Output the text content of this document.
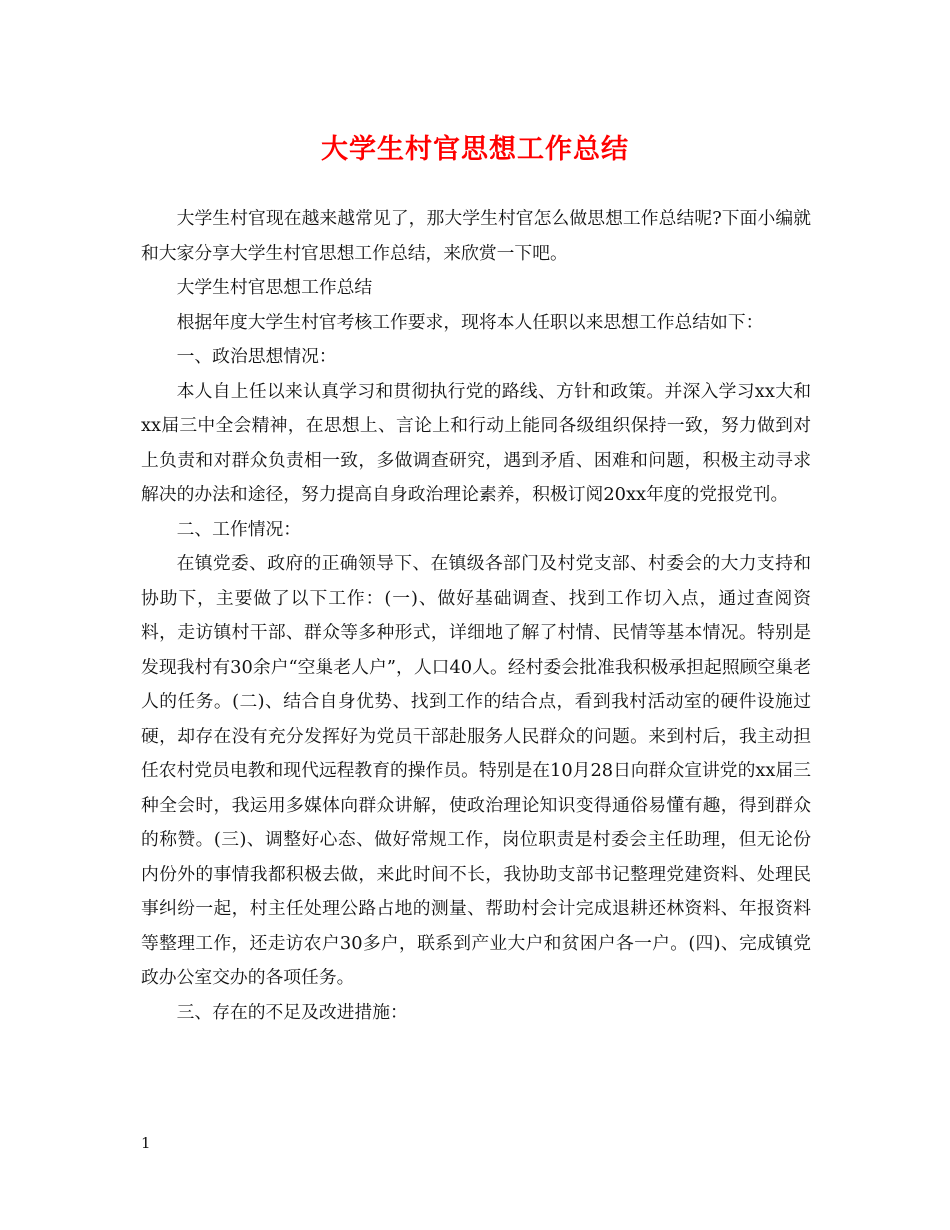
大学生村官思想工作总结

大学生村官现在越来越常见了，那大学生村官怎么做思想工作总结呢?下面小编就和大家分享大学生村官思想工作总结，来欣赏一下吧。

大学生村官思想工作总结

根据年度大学生村官考核工作要求，现将本人任职以来思想工作总结如下：

一、政治思想情况：

本人自上任以来认真学习和贯彻执行党的路线、方针和政策。并深入学习xx大和xx届三中全会精神，在思想上、言论上和行动上能同各级组织保持一致，努力做到对上负责和对群众负责相一致，多做调查研究，遇到矛盾、困难和问题，积极主动寻求解决的办法和途径，努力提高自身政治理论素养，积极订阅20xx年度的党报党刊。

二、工作情况：

在镇党委、政府的正确领导下、在镇级各部门及村党支部、村委会的大力支持和协助下，主要做了以下工作：(一)、做好基础调查、找到工作切入点，通过查阅资料，走访镇村干部、群众等多种形式，详细地了解了村情、民情等基本情况。特别是发现我村有30余户“空巢老人户”，人口40人。经村委会批准我积极承担起照顾空巢老人的任务。(二)、结合自身优势、找到工作的结合点，看到我村活动室的硬件设施过硬，却存在没有充分发挥好为党员干部赴服务人民群众的问题。来到村后，我主动担任农村党员电教和现代远程教育的操作员。特别是在10月28日向群众宣讲党的xx届三种全会时，我运用多媒体向群众讲解，使政治理论知识变得通俗易懂有趣，得到群众的称赞。(三)、调整好心态、做好常规工作，岗位职责是村委会主任助理，但无论份内份外的事情我都积极去做，来此时间不长，我协助支部书记整理党建资料、处理民事纠纷一起，村主任处理公路占地的测量、帮助村会计完成退耕还林资料、年报资料等整理工作，还走访农户30多户，联系到产业大户和贫困户各一户。(四)、完成镇党政办公室交办的各项任务。

三、存在的不足及改进措施：

1
